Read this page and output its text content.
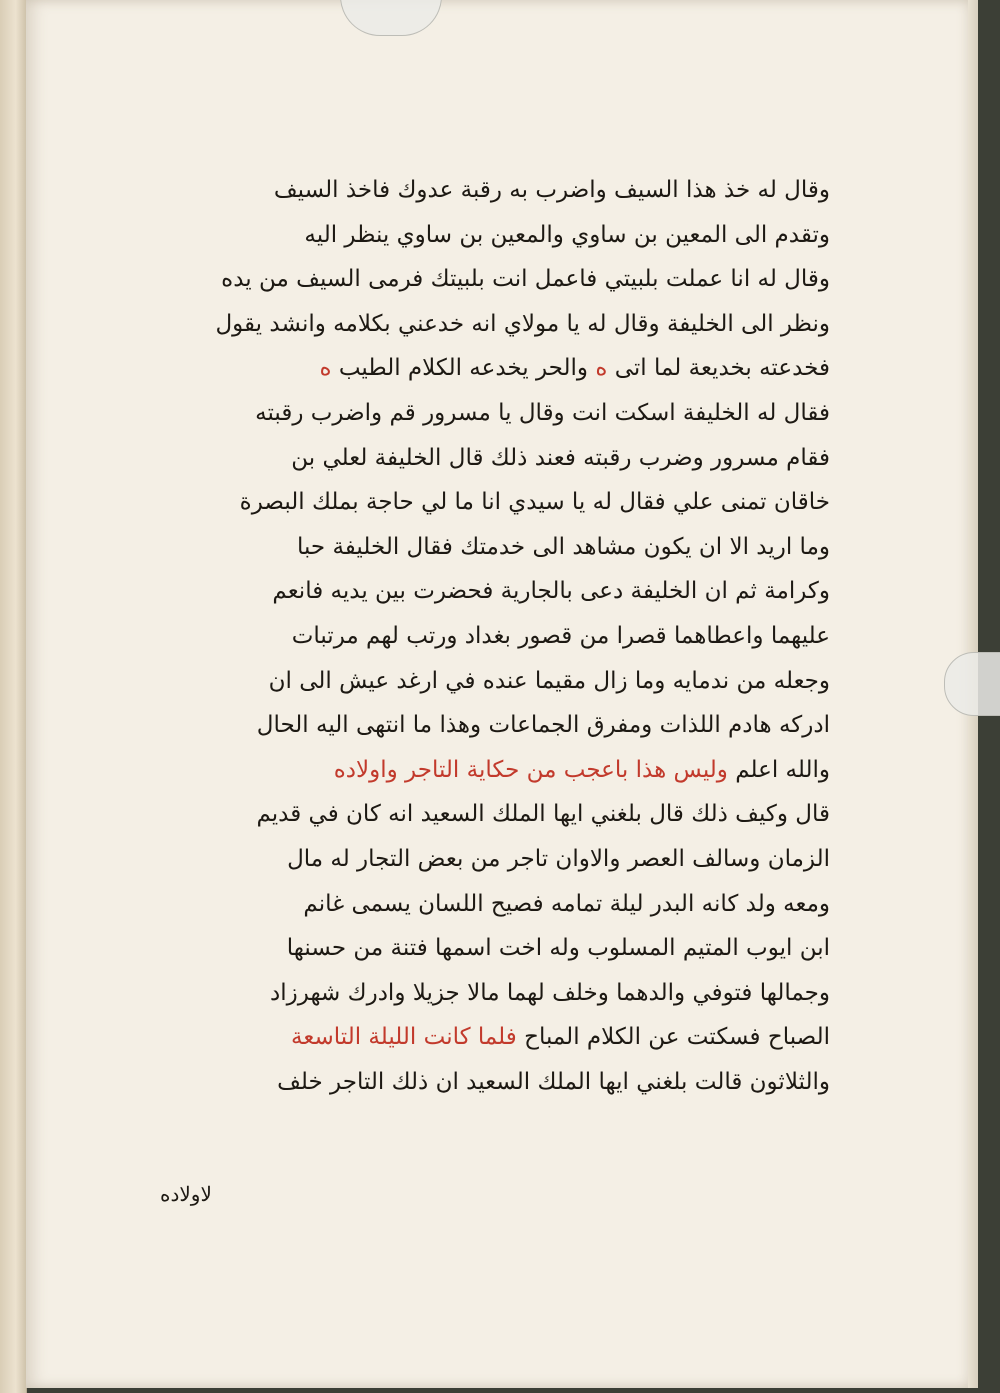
وقال له خذ هذا السيف واضرب به رقبة عدوك فاخذ السيف
وتقدم الى المعين بن ساوي والمعين بن ساوي ينظر اليه
وقال له انا عملت بلبيتي فاعمل انت بلبيتك فرمى السيف من يده
ونظر الى الخليفة وقال له يا مولاي انه خدعني بكلامه وانشد يقول
فخدعته بخديعة لما اتى ه والحر يخدعه الكلام الطيب ه
فقال له الخليفة اسكت انت وقال يا مسرور قم واضرب رقبته
فقام مسرور وضرب رقبته فعند ذلك قال الخليفة لعلي بن
خاقان تمنى علي فقال له يا سيدي انا ما لي حاجة بملك البصرة
وما اريد الا ان يكون مشاهد الى خدمتك فقال الخليفة حبا
وكرامة ثم ان الخليفة دعى بالجارية فحضرت بين يديه فانعم
عليهما واعطاهما قصرا من قصور بغداد ورتب لهم مرتبات
وجعله من ندمايه وما زال مقيما عنده في ارغد عيش الى ان
ادركه هادم اللذات ومفرق الجماعات وهذا ما انتهى اليه الحال
والله اعلم وليس هذا باعجب من حكاية التاجر واولاده
قال وكيف ذلك قال بلغني ايها الملك السعيد انه كان في قديم
الزمان وسالف العصر والاوان تاجر من بعض التجار له مال
ومعه ولد كانه البدر ليلة تمامه فصيح اللسان يسمى غانم
ابن ايوب المتيم المسلوب وله اخت اسمها فتنة من حسنها
وجمالها فتوفي والدهما وخلف لهما مالا جزيلا وادرك شهرزاد
الصباح فسكتت عن الكلام المباح فلما كانت الليلة التاسعة
والثلاثون قالت بلغني ايها الملك السعيد ان ذلك التاجر خلف
لاولاده
